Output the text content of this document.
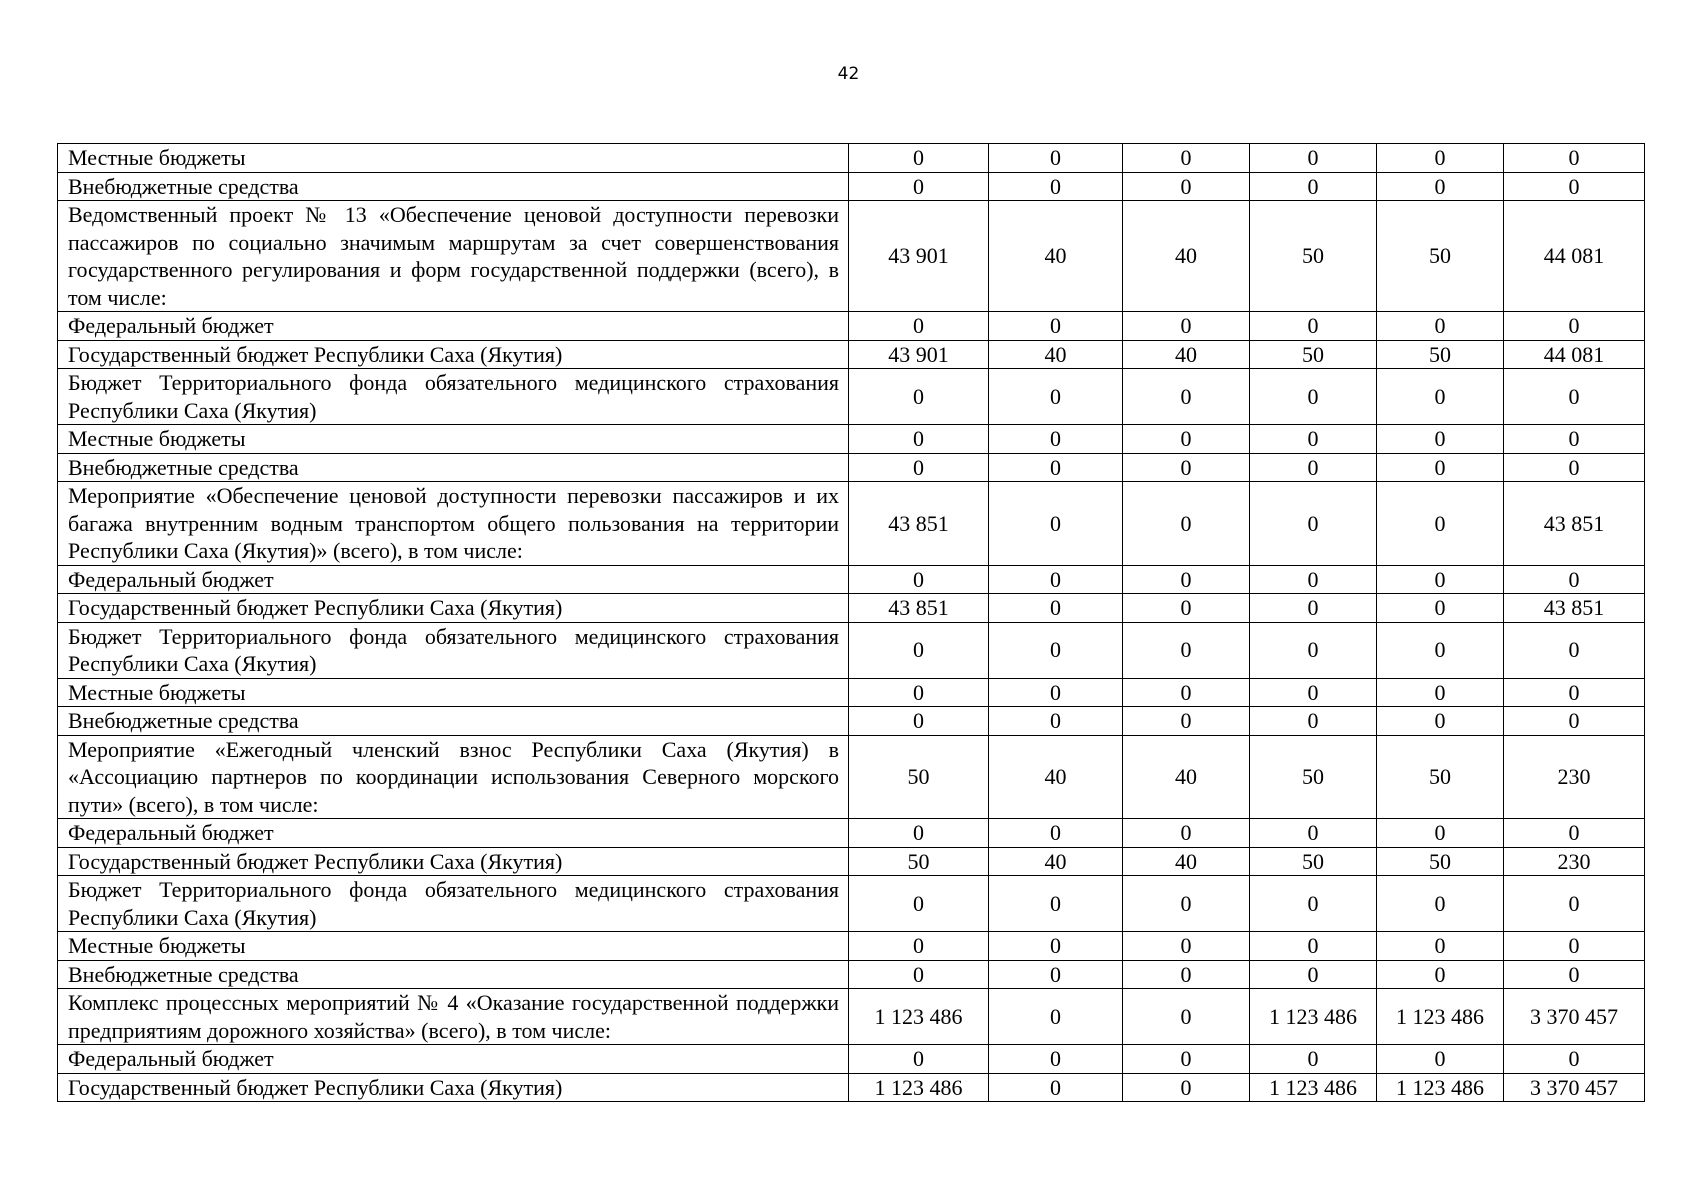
42
Местные бюджеты	0	0	0	0	0	0
Внебюджетные средства	0	0	0	0	0	0
Ведомственный проект № 13 «Обеспечение ценовой доступности перевозки пассажиров по социально значимым маршрутам за счет совершенствования государственного регулирования и форм государственной поддержки (всего), в том числе:	43 901	40	40	50	50	44 081
Федеральный бюджет	0	0	0	0	0	0
Государственный бюджет Республики Саха (Якутия)	43 901	40	40	50	50	44 081
Бюджет Территориального фонда обязательного медицинского страхования Республики Саха (Якутия)	0	0	0	0	0	0
Местные бюджеты	0	0	0	0	0	0
Внебюджетные средства	0	0	0	0	0	0
Мероприятие «Обеспечение ценовой доступности перевозки пассажиров и их багажа внутренним водным транспортом общего пользования на территории Республики Саха (Якутия)» (всего), в том числе:	43 851	0	0	0	0	43 851
Федеральный бюджет	0	0	0	0	0	0
Государственный бюджет Республики Саха (Якутия)	43 851	0	0	0	0	43 851
Бюджет Территориального фонда обязательного медицинского страхования Республики Саха (Якутия)	0	0	0	0	0	0
Местные бюджеты	0	0	0	0	0	0
Внебюджетные средства	0	0	0	0	0	0
Мероприятие «Ежегодный членский взнос Республики Саха (Якутия) в «Ассоциацию партнеров по координации использования Северного морского пути» (всего), в том числе:	50	40	40	50	50	230
Федеральный бюджет	0	0	0	0	0	0
Государственный бюджет Республики Саха (Якутия)	50	40	40	50	50	230
Бюджет Территориального фонда обязательного медицинского страхования Республики Саха (Якутия)	0	0	0	0	0	0
Местные бюджеты	0	0	0	0	0	0
Внебюджетные средства	0	0	0	0	0	0
Комплекс процессных мероприятий № 4 «Оказание государственной поддержки предприятиям дорожного хозяйства» (всего), в том числе:	1 123 486	0	0	1 123 486	1 123 486	3 370 457
Федеральный бюджет	0	0	0	0	0	0
Государственный бюджет Республики Саха (Якутия)	1 123 486	0	0	1 123 486	1 123 486	3 370 457
